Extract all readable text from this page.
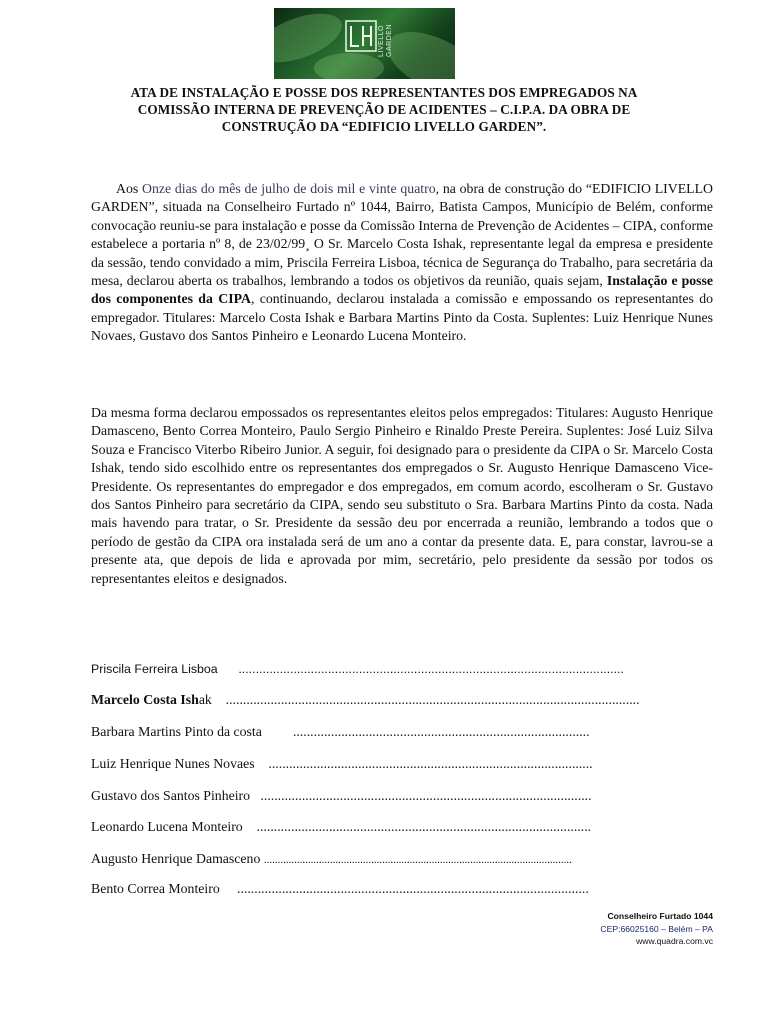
LIVELLO
GARDEN
ATA DE INSTALAÇÃO E POSSE DOS REPRESENTANTES DOS EMPREGADOS NA COMISSÃO INTERNA DE PREVENÇÃO DE ACIDENTES – C.I.P.A. DA OBRA DE CONSTRUÇÃO DA “EDIFICIO LIVELLO GARDEN”.
Aos Onze dias do mês de julho de dois mil e vinte quatro, na obra de construção do “EDIFICIO LIVELLO GARDEN”, situada na Conselheiro Furtado nº 1044, Bairro, Batista Campos, Município de Belém, conforme convocação reuniu-se para instalação e posse da Comissão Interna de Prevenção de Acidentes – CIPA, conforme estabelece a portaria nº 8, de 23/02/99¸ O Sr. Marcelo Costa Ishak, representante legal da empresa e presidente da sessão, tendo convidado a mim, Priscila Ferreira Lisboa, técnica de Segurança do Trabalho, para secretária da mesa, declarou aberta os trabalhos, lembrando a todos os objetivos da reunião, quais sejam, Instalação e posse dos componentes da CIPA, continuando, declarou instalada a comissão e empossando os representantes do empregador. Titulares: Marcelo Costa Ishak e Barbara Martins Pinto da Costa. Suplentes: Luiz Henrique Nunes Novaes, Gustavo dos Santos Pinheiro e Leonardo Lucena Monteiro.
Da mesma forma declarou empossados os representantes eleitos pelos empregados: Titulares: Augusto Henrique Damasceno, Bento Correa Monteiro, Paulo Sergio Pinheiro e Rinaldo Preste Pereira. Suplentes: José Luiz Silva Souza e Francisco Viterbo Ribeiro Junior. A seguir, foi designado para o presidente da CIPA o Sr. Marcelo Costa Ishak, tendo sido escolhido entre os representantes dos empregados o Sr. Augusto Henrique Damasceno Vice-Presidente. Os representantes do empregador e dos empregados, em comum acordo, escolheram o Sr. Gustavo dos Santos Pinheiro para secretário da CIPA, sendo seu substituto o Sra. Barbara Martins Pinto da costa. Nada mais havendo para tratar, o Sr. Presidente da sessão deu por encerrada a reunião, lembrando a todos que o período de gestão da CIPA ora instalada será de um ano a contar da presente data. E, para constar, lavrou-se a presente ata, que depois de lida e aprovada por mim, secretário, pelo presidente da sessão por todos os representantes eleitos e designados.
Priscila Ferreira Lisboa ................................................................................................................
Marcelo Costa Ishak ........................................................................................................................
Barbara Martins Pinto da costa ......................................................................................
Luiz Henrique Nunes Novaes ..............................................................................................
Gustavo dos Santos Pinheiro ................................................................................................
Leonardo Lucena Monteiro .................................................................................................
Augusto Henrique Damasceno ................................................................................................................
Bento Correa Monteiro ......................................................................................................
Conselheiro Furtado 1044
CEP:66025160 – Belém – PA
www.quadra.com.vc
